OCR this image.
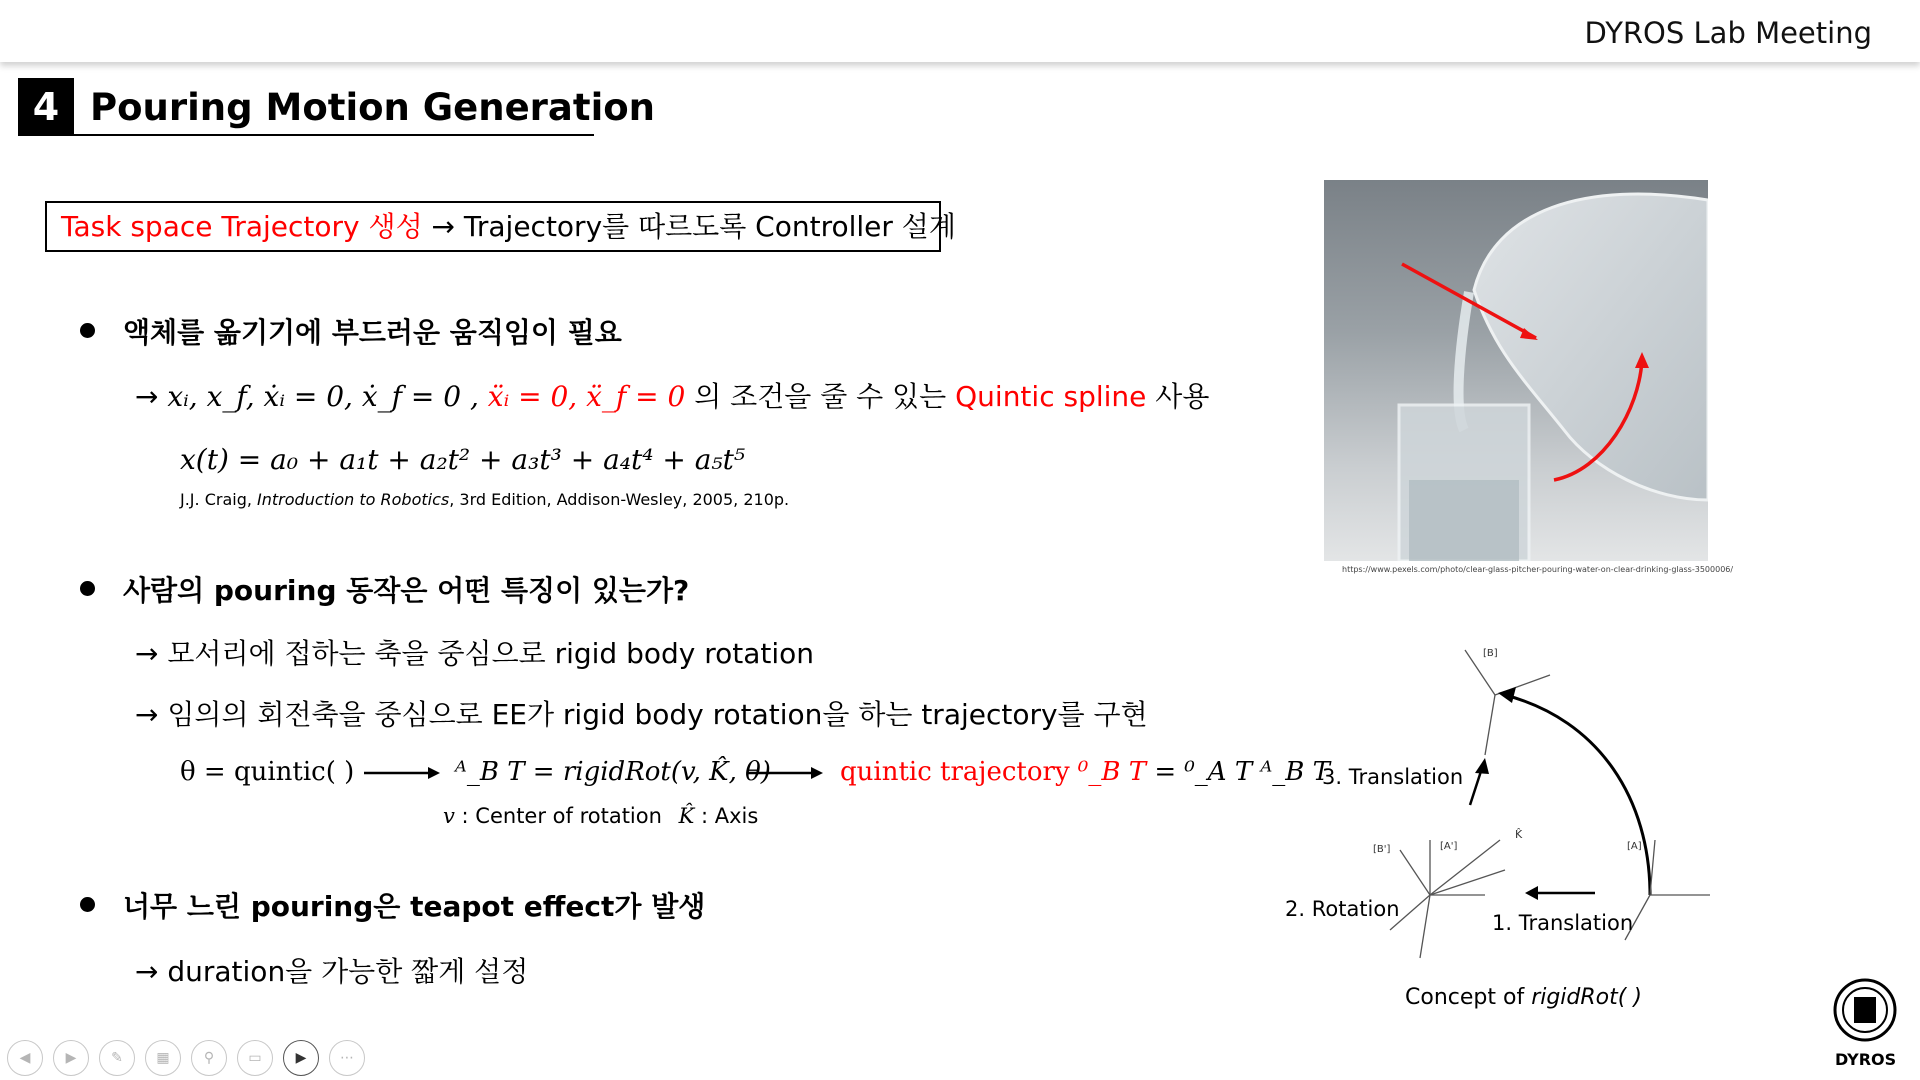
DYROS Lab Meeting
4 Pouring Motion Generation
Task space Trajectory 생성 → Trajectory를 따르도록 Controller 설계
액체를 옮기기에 부드러운 움직임이 필요
→ xᵢ, x_f, ẋᵢ = 0, ẋ_f = 0 , ẍᵢ = 0, ẍ_f = 0 의 조건을 줄 수 있는 Quintic spline 사용
x(t) = a₀ + a₁t + a₂t² + a₃t³ + a₄t⁴ + a₅t⁵
J.J. Craig, Introduction to Robotics, 3rd Edition, Addison-Wesley, 2005, 210p.
사람의 pouring 동작은 어떤 특징이 있는가?
→ 모서리에 접하는 축을 중심으로 rigid body rotation
→ 임의의 회전축을 중심으로 EE가 rigid body rotation을 하는 trajectory를 구현
θ = quintic( )	ᴬ_B T = rigidRot(v, K̂, θ)	quintic trajectory ⁰_B T = ⁰_A T ᴬ_B T
v : Center of rotation K̂ : Axis
너무 느린 pouring은 teapot effect가 발생
→ duration을 가능한 짧게 설정
https://www.pexels.com/photo/clear-glass-pitcher-pouring-water-on-clear-drinking-glass-3500006/
[B]
[B']	[A']
K̂
[A]
3. Translation
2. Rotation
1. Translation
Concept of rigidRot( )
◀	▶	✎	▦	⚲	▭	▶	⋯	DYROS
